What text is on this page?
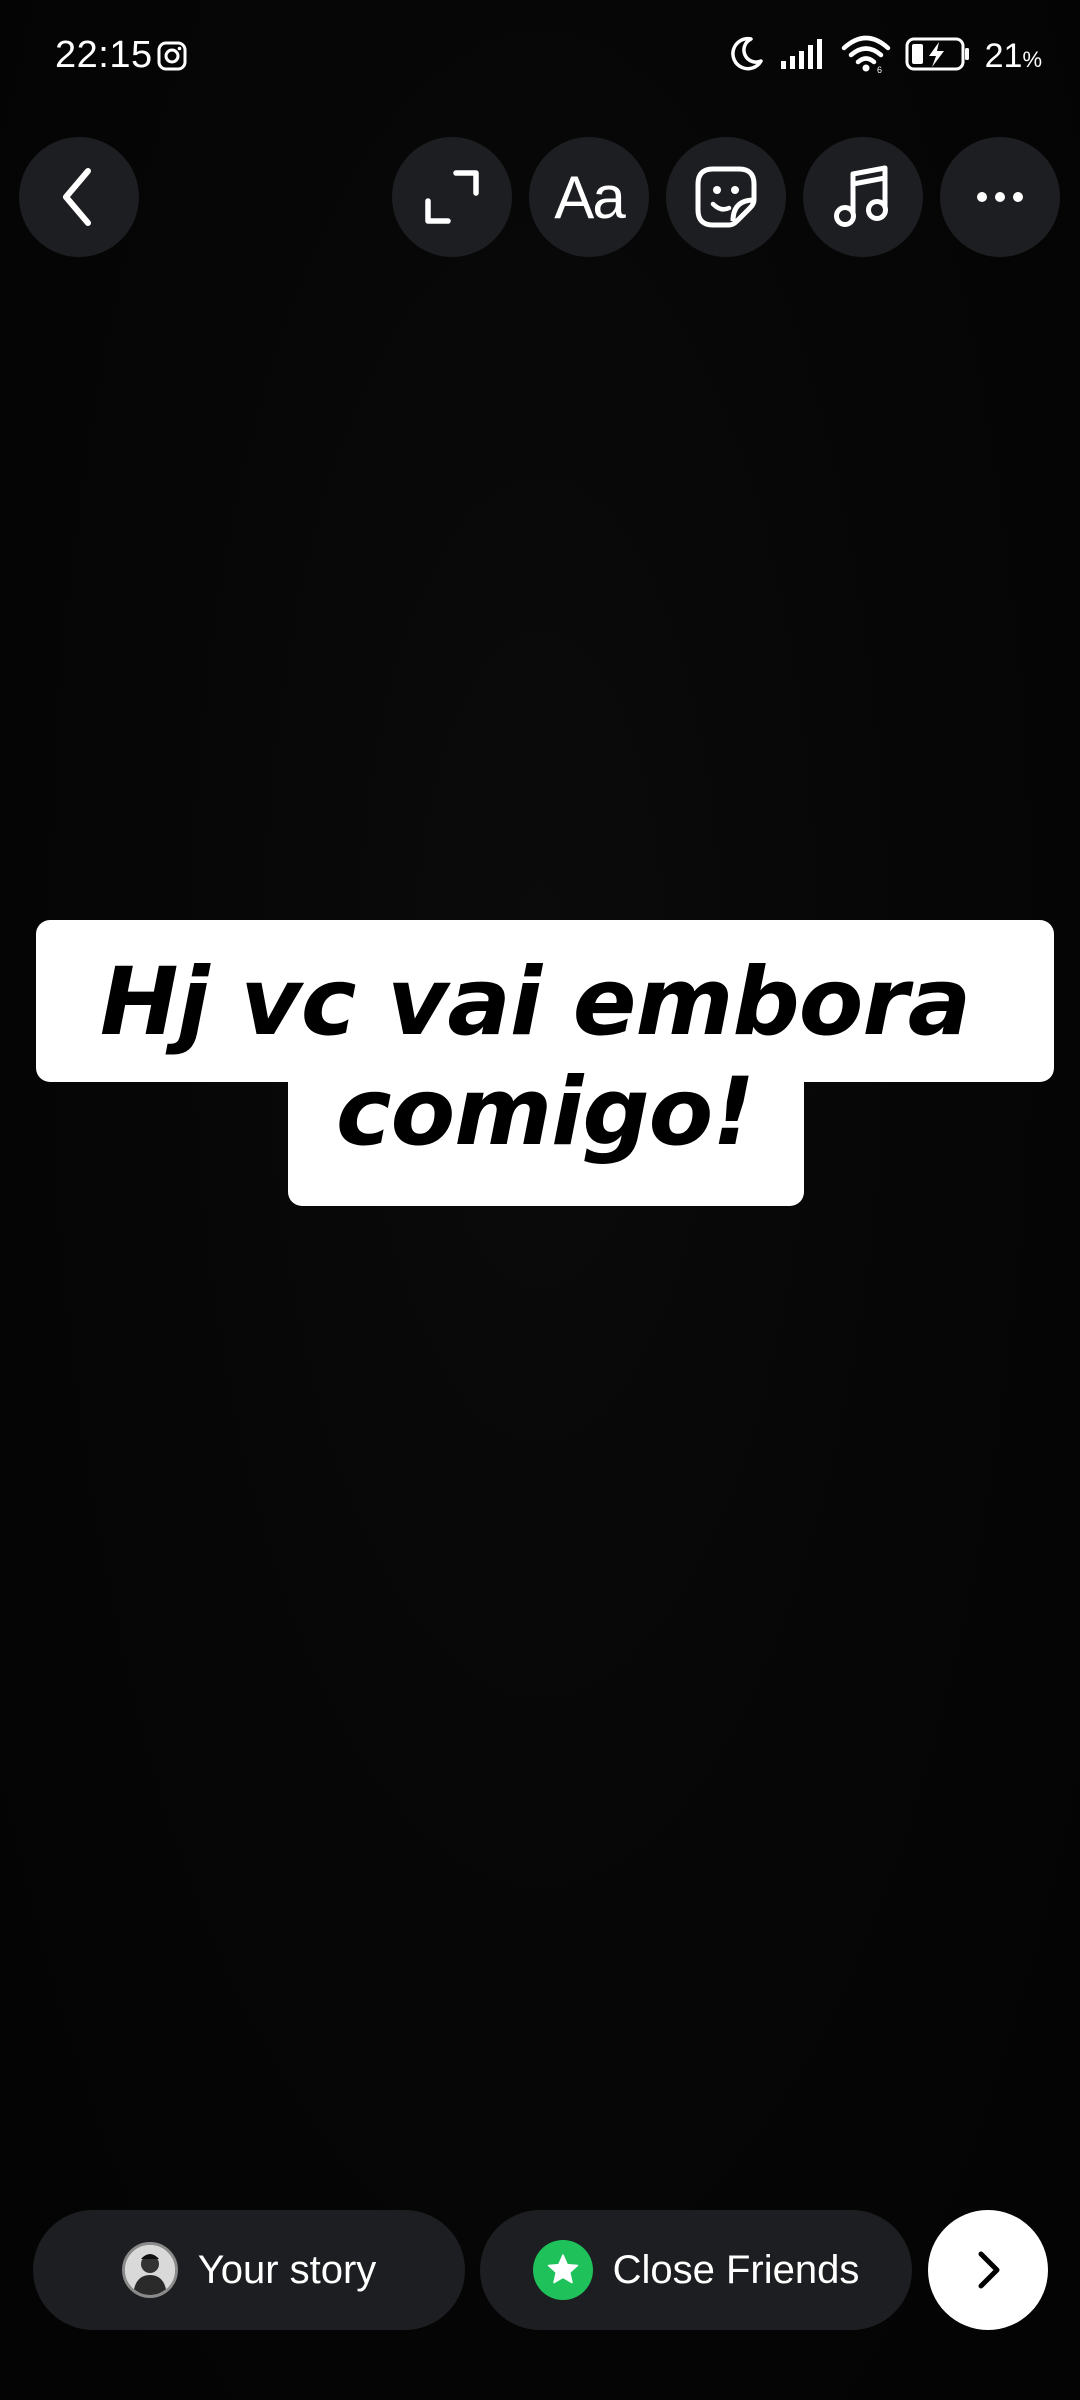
22:15	6	21%
Aa
Hj vc vai embora
comigo!
Your story	Close Friends
